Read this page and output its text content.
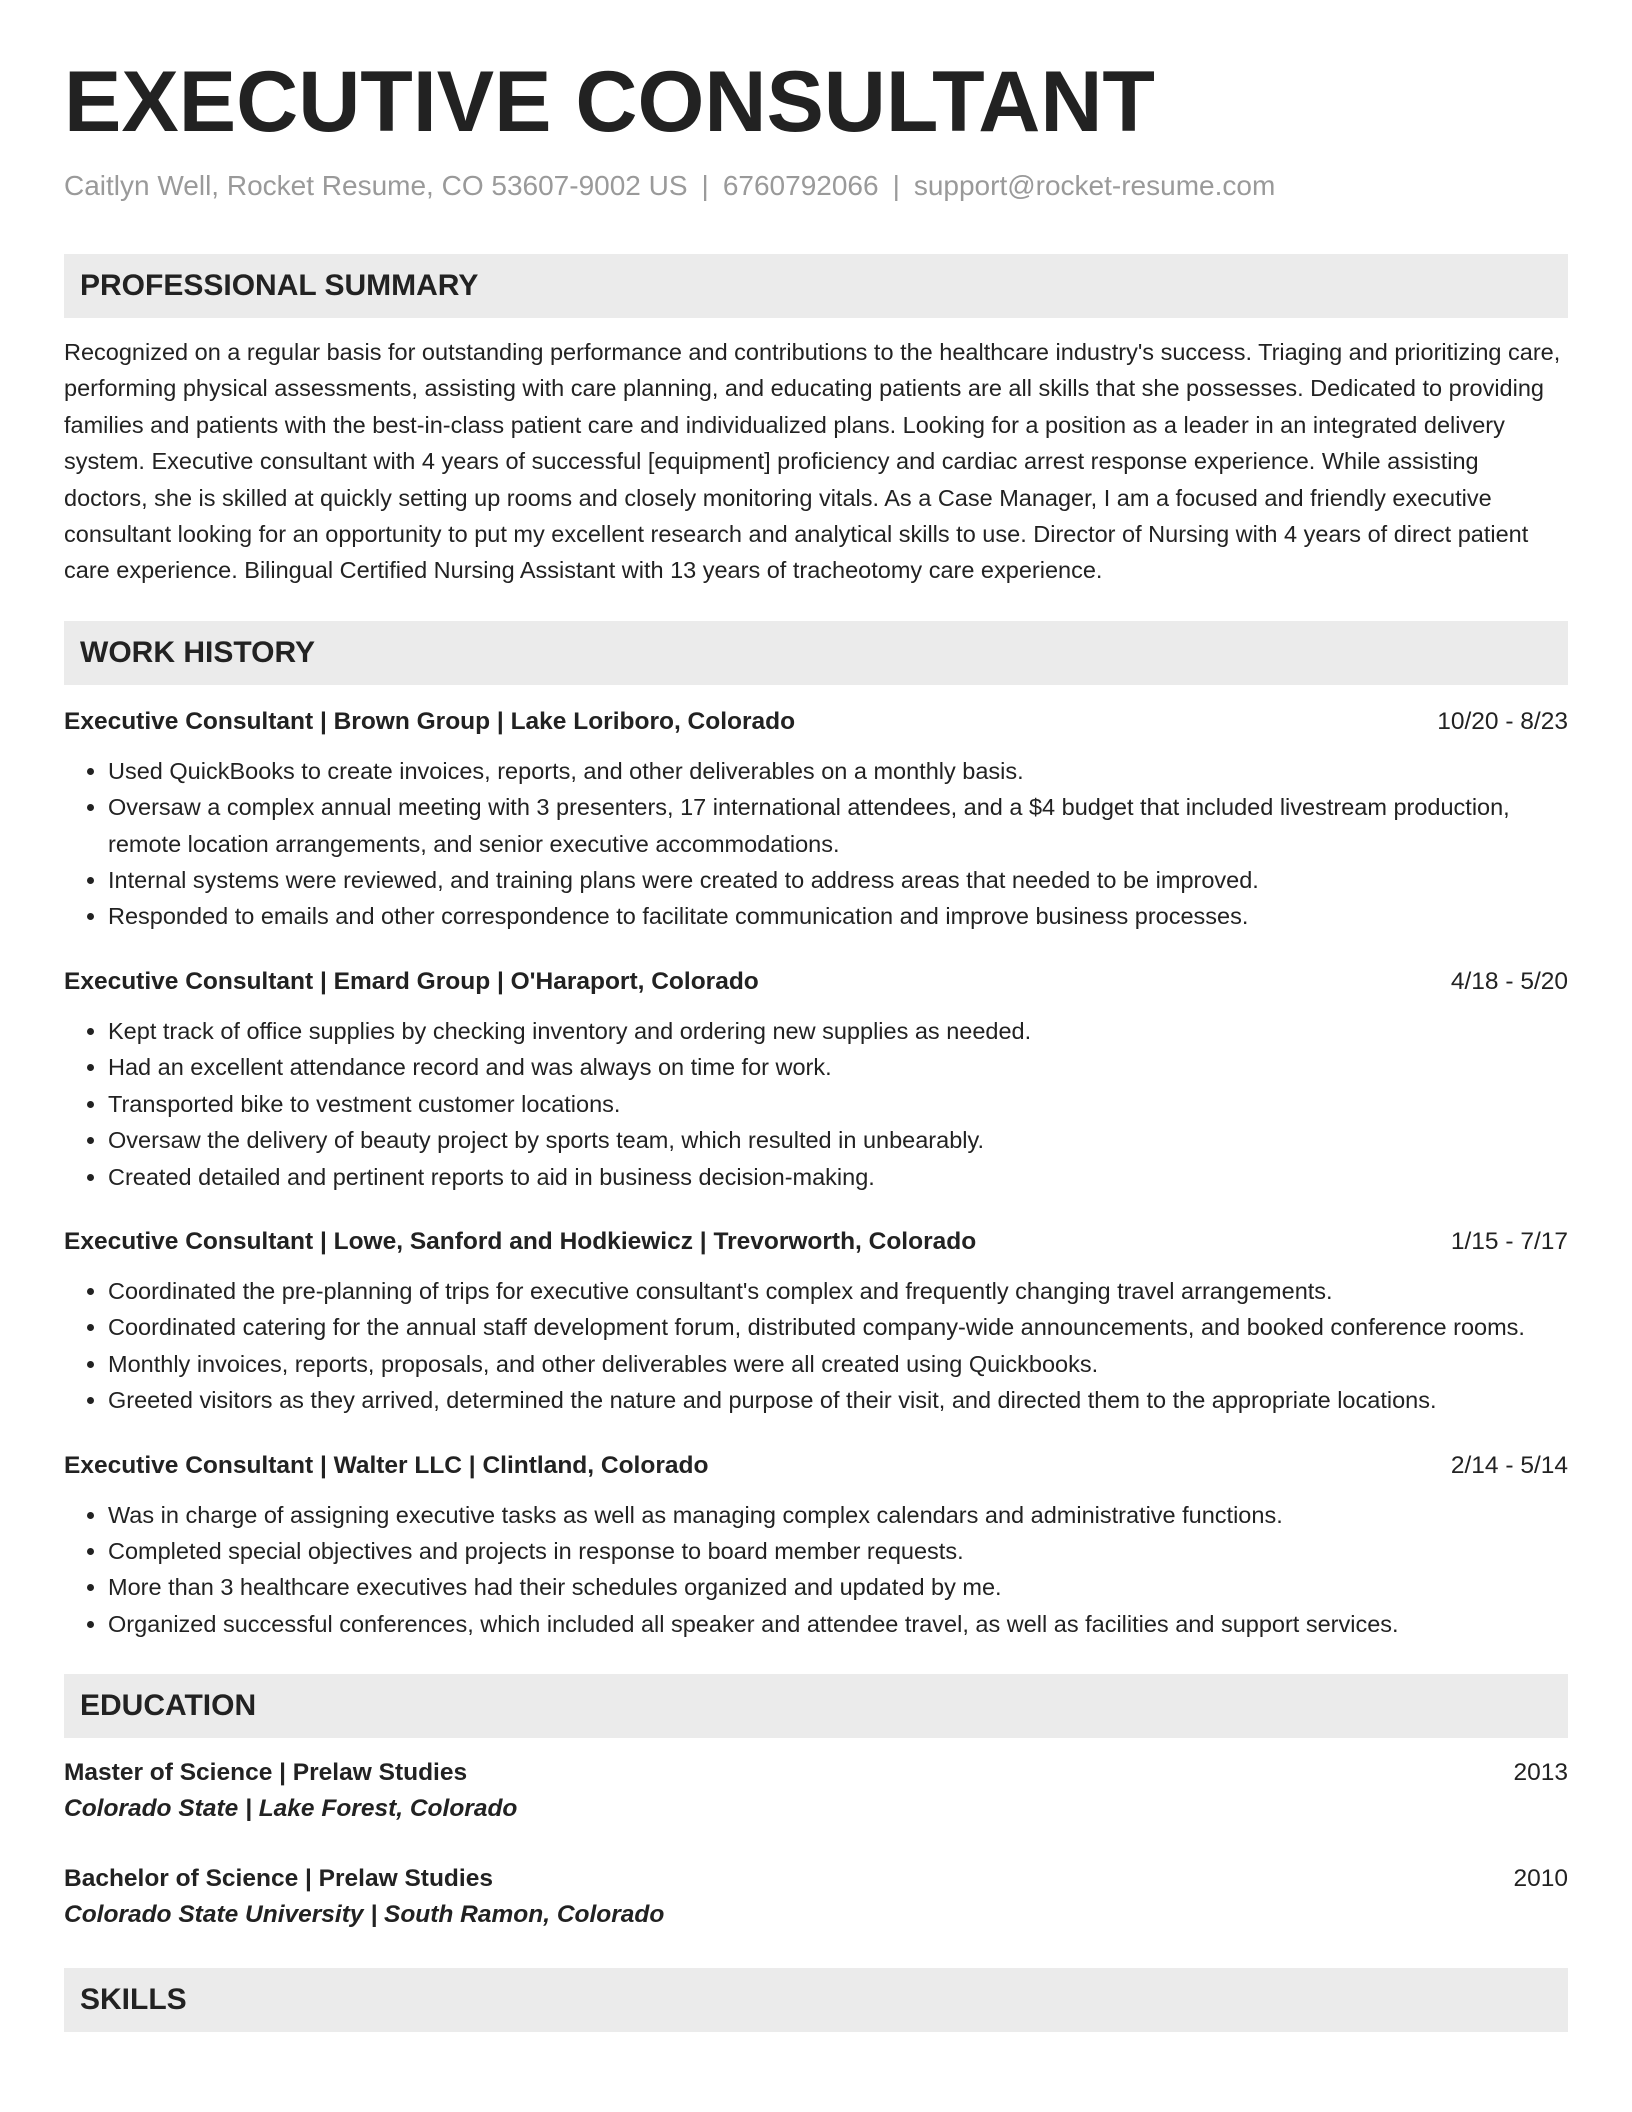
EXECUTIVE CONSULTANT
Caitlyn Well, Rocket Resume, CO 53607-9002 US | 6760792066 | support@rocket-resume.com
PROFESSIONAL SUMMARY
Recognized on a regular basis for outstanding performance and contributions to the healthcare industry's success. Triaging and prioritizing care, performing physical assessments, assisting with care planning, and educating patients are all skills that she possesses. Dedicated to providing families and patients with the best-in-class patient care and individualized plans. Looking for a position as a leader in an integrated delivery system. Executive consultant with 4 years of successful [equipment] proficiency and cardiac arrest response experience. While assisting doctors, she is skilled at quickly setting up rooms and closely monitoring vitals. As a Case Manager, I am a focused and friendly executive consultant looking for an opportunity to put my excellent research and analytical skills to use. Director of Nursing with 4 years of direct patient care experience. Bilingual Certified Nursing Assistant with 13 years of tracheotomy care experience.
WORK HISTORY
Executive Consultant | Brown Group | Lake Loriboro, Colorado	10/20 - 8/23
• Used QuickBooks to create invoices, reports, and other deliverables on a monthly basis.
• Oversaw a complex annual meeting with 3 presenters, 17 international attendees, and a $4 budget that included livestream production, remote location arrangements, and senior executive accommodations.
• Internal systems were reviewed, and training plans were created to address areas that needed to be improved.
• Responded to emails and other correspondence to facilitate communication and improve business processes.
Executive Consultant | Emard Group | O'Haraport, Colorado	4/18 - 5/20
• Kept track of office supplies by checking inventory and ordering new supplies as needed.
• Had an excellent attendance record and was always on time for work.
• Transported bike to vestment customer locations.
• Oversaw the delivery of beauty project by sports team, which resulted in unbearably.
• Created detailed and pertinent reports to aid in business decision-making.
Executive Consultant | Lowe, Sanford and Hodkiewicz | Trevorworth, Colorado	1/15 - 7/17
• Coordinated the pre-planning of trips for executive consultant's complex and frequently changing travel arrangements.
• Coordinated catering for the annual staff development forum, distributed company-wide announcements, and booked conference rooms.
• Monthly invoices, reports, proposals, and other deliverables were all created using Quickbooks.
• Greeted visitors as they arrived, determined the nature and purpose of their visit, and directed them to the appropriate locations.
Executive Consultant | Walter LLC | Clintland, Colorado	2/14 - 5/14
• Was in charge of assigning executive tasks as well as managing complex calendars and administrative functions.
• Completed special objectives and projects in response to board member requests.
• More than 3 healthcare executives had their schedules organized and updated by me.
• Organized successful conferences, which included all speaker and attendee travel, as well as facilities and support services.
EDUCATION
Master of Science | Prelaw Studies	2013
Colorado State | Lake Forest, Colorado
Bachelor of Science | Prelaw Studies	2010
Colorado State University | South Ramon, Colorado
SKILLS
